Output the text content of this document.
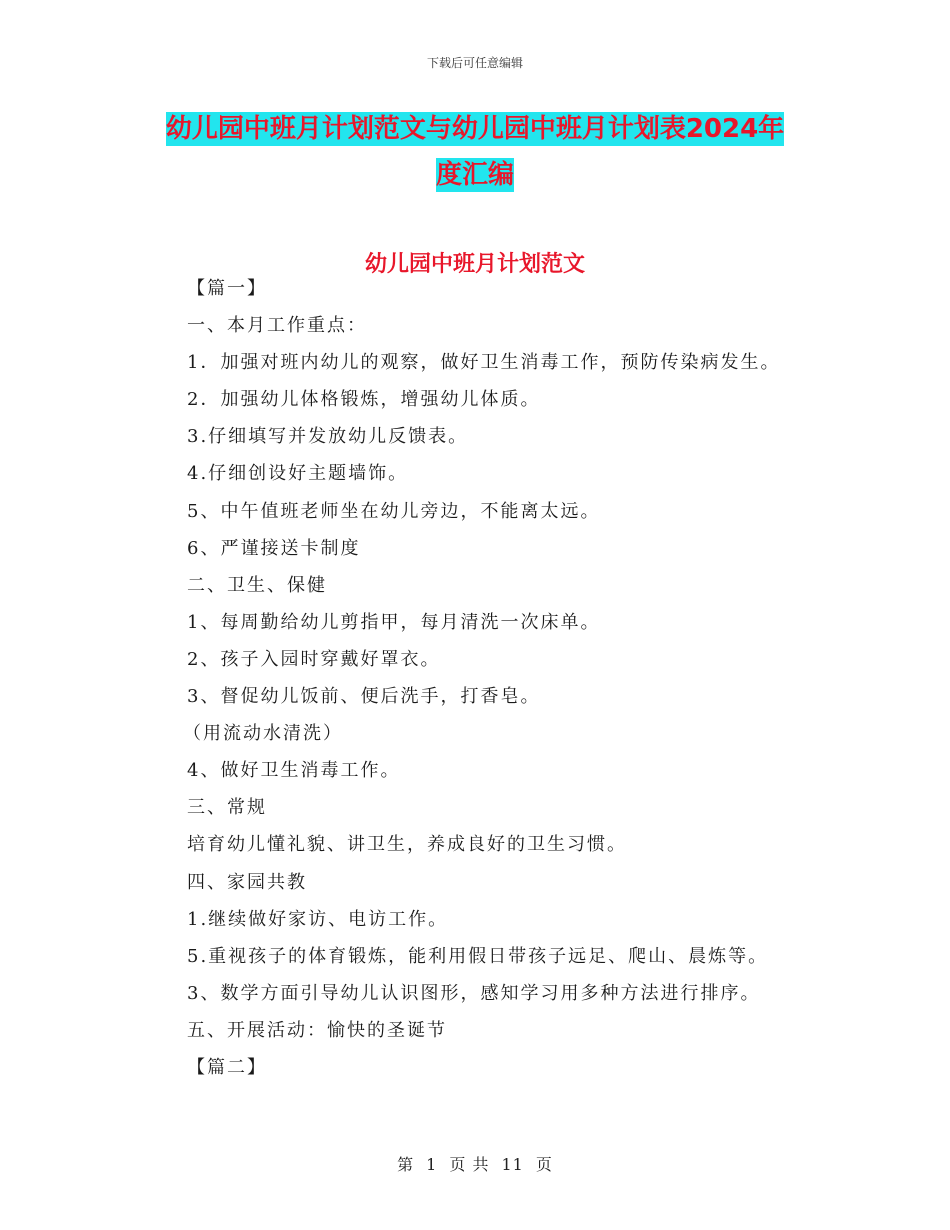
下载后可任意编辑
幼儿园中班月计划范文与幼儿园中班月计划表2024年
度汇编
幼儿园中班月计划范文
【篇一】
一、本月工作重点：
1．加强对班内幼儿的观察，做好卫生消毒工作，预防传染病发生。
2．加强幼儿体格锻炼，增强幼儿体质。
3.仔细填写并发放幼儿反馈表。
4.仔细创设好主题墙饰。
5、中午值班老师坐在幼儿旁边，不能离太远。
6、严谨接送卡制度
二、卫生、保健
1、每周勤给幼儿剪指甲，每月清洗一次床单。
2、孩子入园时穿戴好罩衣。
3、督促幼儿饭前、便后洗手，打香皂。
（用流动水清洗）
4、做好卫生消毒工作。
三、常规
培育幼儿懂礼貌、讲卫生，养成良好的卫生习惯。
四、家园共教
1.继续做好家访、电访工作。
5.重视孩子的体育锻炼，能利用假日带孩子远足、爬山、晨炼等。
3、数学方面引导幼儿认识图形，感知学习用多种方法进行排序。
五、开展活动：愉快的圣诞节
【篇二】
第 1 页 共 11 页
